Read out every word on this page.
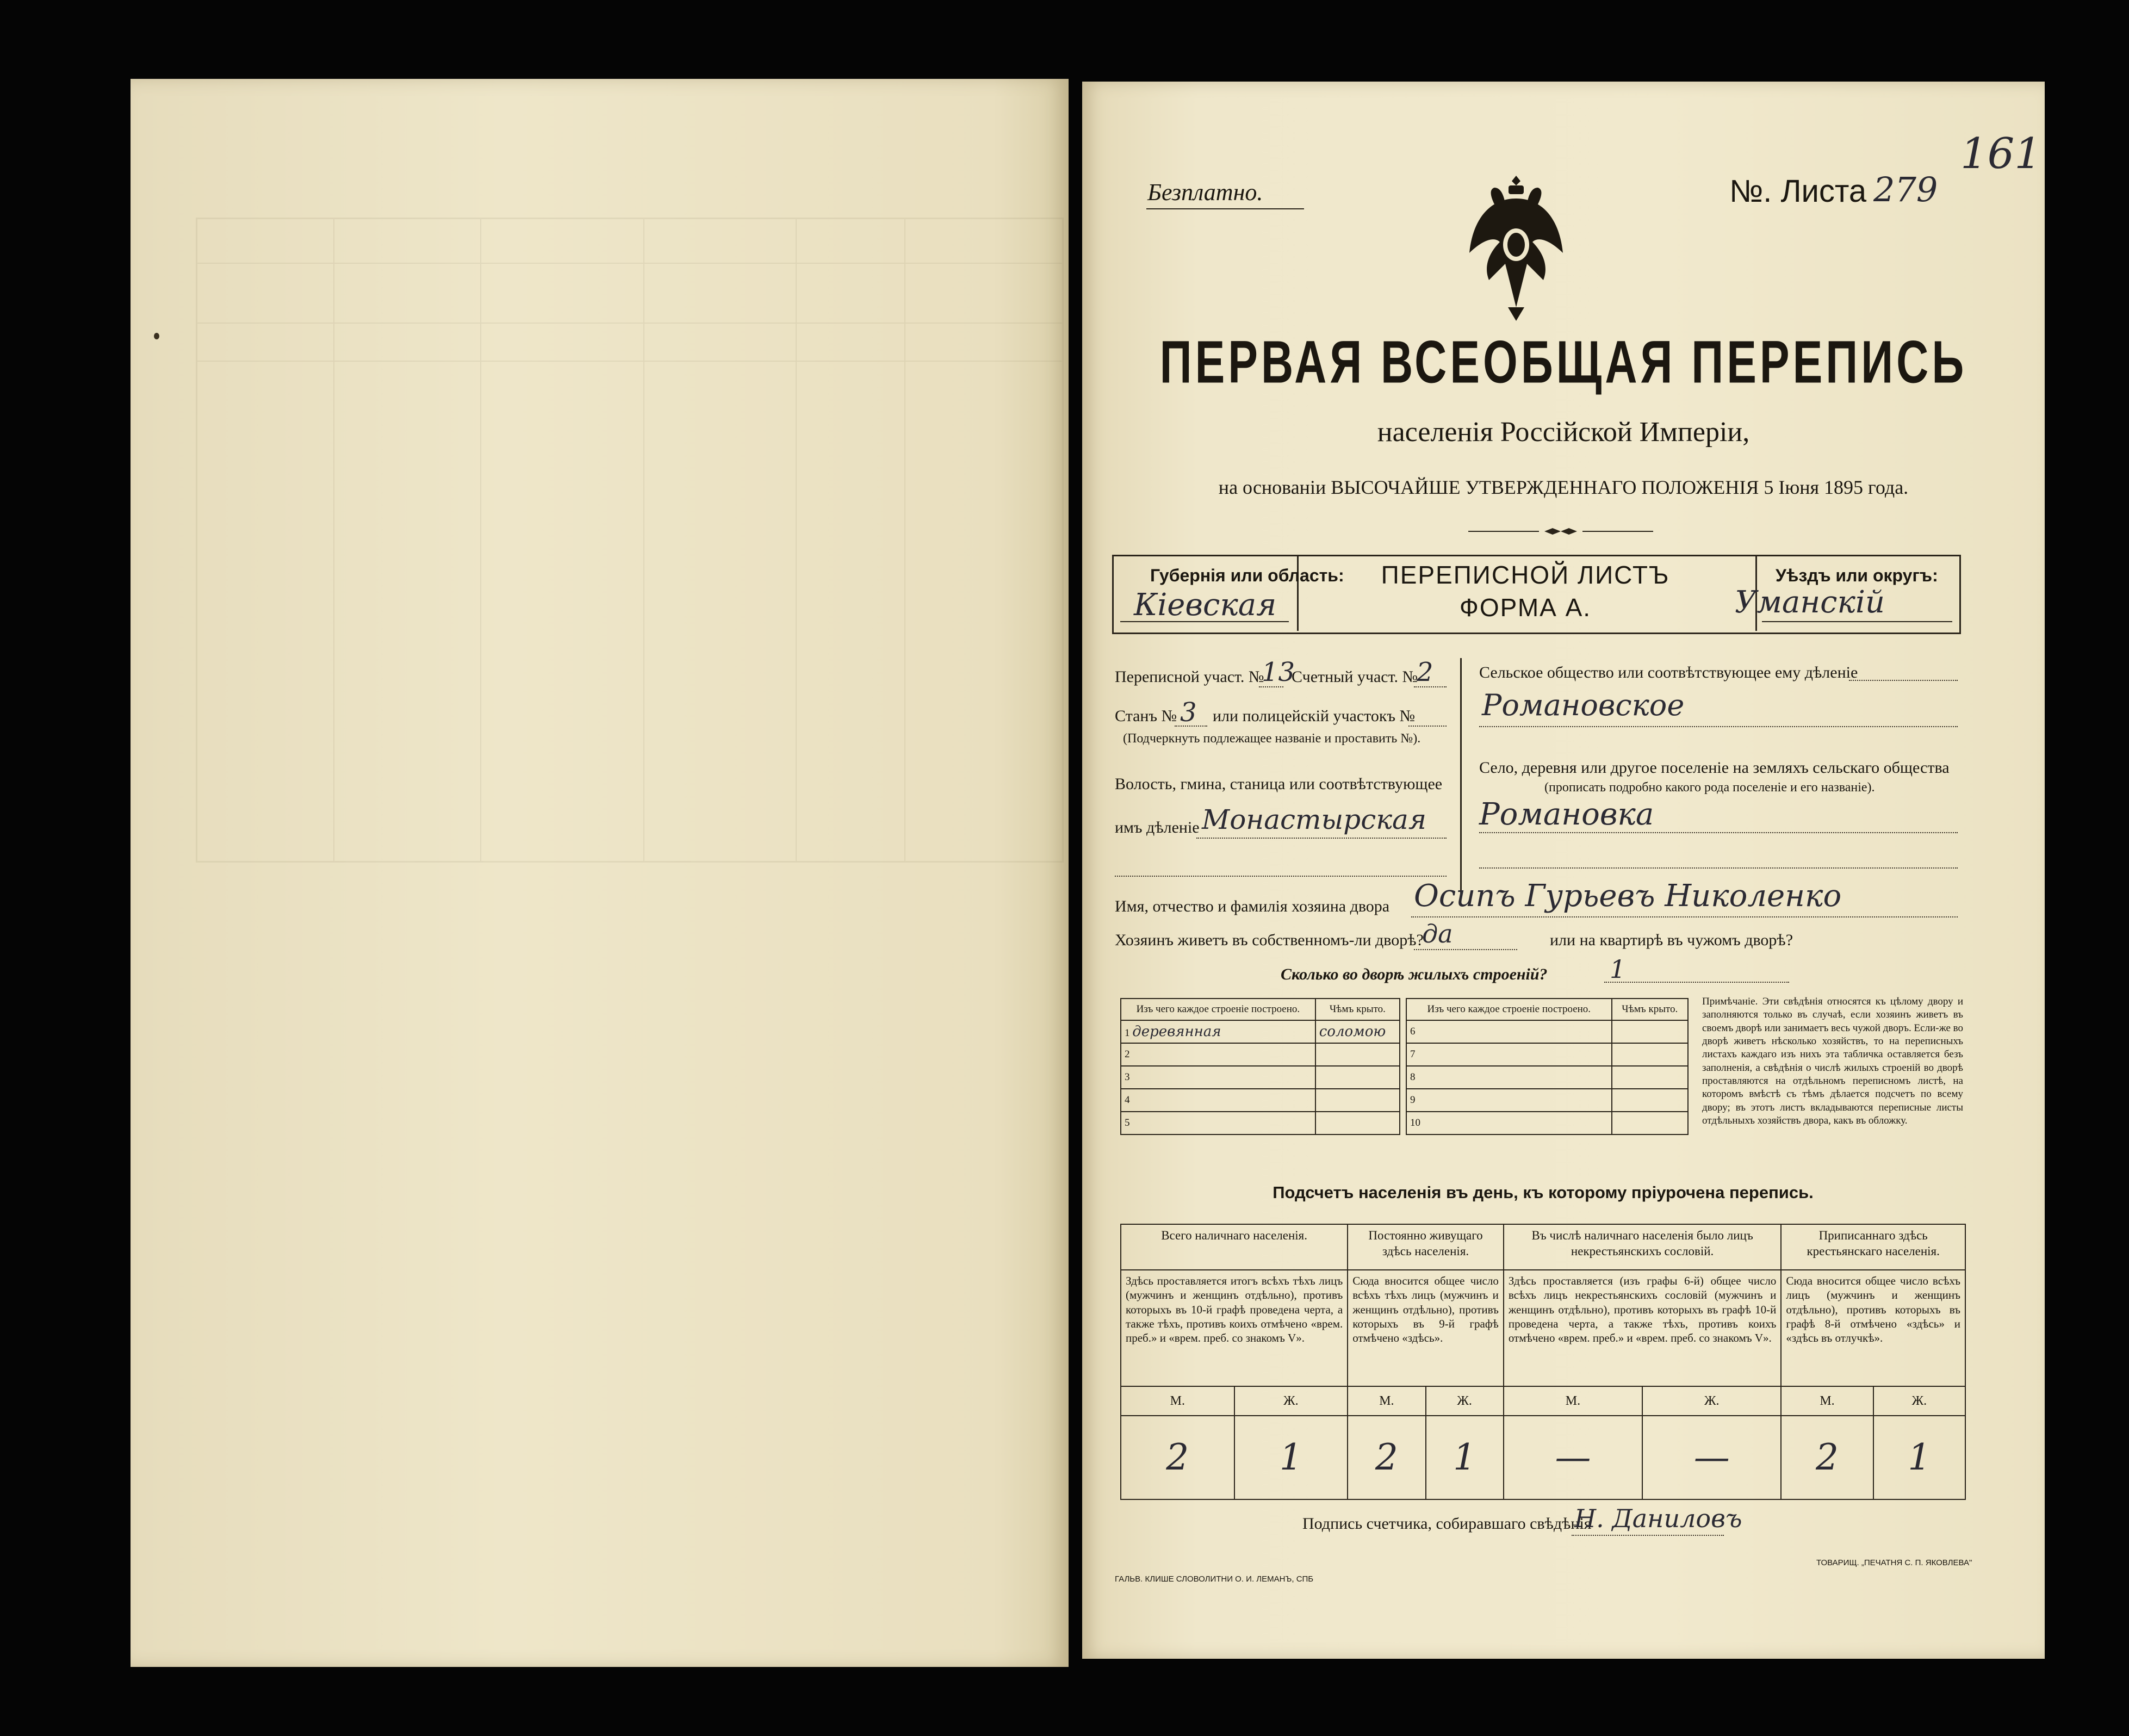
Безплатно.	№. Листа 279
161
ПЕРВАЯ ВСЕОБЩАЯ ПЕРЕПИСЬ
населенія Россійской Имперіи,
на основаніи ВЫСОЧАЙШЕ УТВЕРЖДЕННАГО ПОЛОЖЕНІЯ 5 Іюня 1895 года.
Губернія или область:
Кіевская
ПЕРЕПИСНОЙ ЛИСТЪ
ФОРМА А.
Уѣздъ или округъ:
Уманскій
Переписной участ. №
13
Счетный участ. №
2
Станъ № 3 или полицейскій участокъ №
(Подчеркнуть подлежащее названіе и проставить №).
Волость, гмина, станица или соотвѣтствующее
имъ дѣленіе Монастырская
Сельское общество или соотвѣтствующее ему дѣленіе
Романовское
Село, деревня или другое поселеніе на земляхъ сельскаго общества
(прописать подробно какого рода поселеніе и его названіе).
Романовка
Имя, отчество и фамилія хозяина двора Осипъ Гурьевъ Николенко
Хозяинъ живетъ въ собственномъ-ли дворѣ?
да	или на квартирѣ въ чужомъ дворѣ?
Сколько во дворѣ жилыхъ строеній? 1
Изъ чего каждое строеніе построено.	Чѣмъ крыто.
1 деревянная	соломою
2	
3	
4	
5	
Изъ чего каждое строеніе построено.	Чѣмъ крыто.
6	
7	
8	
9	
10	
Примѣчаніе. Эти свѣдѣнія относятся къ цѣлому двору и заполняются только въ случаѣ, если хозяинъ живетъ въ своемъ дворѣ или занимаетъ весь чужой дворъ. Если-же во дворѣ живетъ нѣсколько хозяйствъ, то на переписныхъ листахъ каждаго изъ нихъ эта табличка оставляется безъ заполненія, а свѣдѣнія о числѣ жилыхъ строеній во дворѣ проставляются на отдѣльномъ переписномъ листѣ, на которомъ вмѣстѣ съ тѣмъ дѣлается подсчетъ по всему двору; въ этотъ листъ вкладываются переписные листы отдѣльныхъ хозяйствъ двора, какъ въ обложку.
Подсчетъ населенія въ день, къ которому пріурочена перепись.
Всего наличнаго населенія.		Постоянно живущаго здѣсь населенія.		Въ числѣ наличнаго населенія было лицъ некрестьянскихъ сословій.		Приписаннаго здѣсь крестьянскаго населенія.	
Здѣсь проставляется итогъ всѣхъ тѣхъ лицъ (мужчинъ и женщинъ отдѣльно), противъ которыхъ въ 10-й графѣ проведена черта, а также тѣхъ, противъ коихъ отмѣчено «врем. преб.» и «врем. преб. со знакомъ V».		Сюда вносится общее число всѣхъ тѣхъ лицъ (мужчинъ и женщинъ отдѣльно), противъ которыхъ въ 9-й графѣ отмѣчено «здѣсь».		Здѣсь проставляется (изъ графы 6-й) общее число всѣхъ лицъ некрестьянскихъ сословій (мужчинъ и женщинъ отдѣльно), противъ которыхъ въ графѣ 10-й проведена черта, а также тѣхъ, противъ коихъ отмѣчено «врем. преб.» и «врем. преб. со знакомъ V».		Сюда вносится общее число всѣхъ лицъ (мужчинъ и женщинъ отдѣльно), противъ которыхъ въ графѣ 8-й отмѣчено «здѣсь» и «здѣсь въ отлучкѣ».	
М.	Ж.	М.	Ж.	М.	Ж.	М.	Ж.
2	1	2	1	—	—	2	1
Подпись счетчика, собиравшаго свѣдѣнія
Н. Даниловъ
ГАЛЬВ. КЛИШЕ СЛОВОЛИТНИ О. И. ЛЕМАНЪ, СПБ
ТОВАРИЩ. „ПЕЧАТНЯ С. П. ЯКОВЛЕВА"
